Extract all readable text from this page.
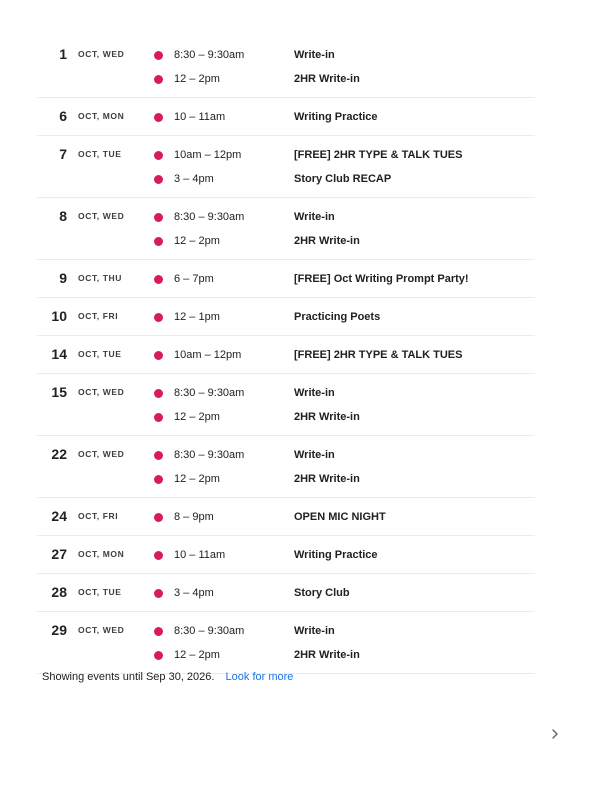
1	OCT, WED	8:30 – 9:30am	Write-in
12 – 2pm	2HR Write-in
6	OCT, MON	10 – 11am	Writing Practice
7	OCT, TUE	10am – 12pm	[FREE] 2HR TYPE & TALK TUES
3 – 4pm	Story Club RECAP
8	OCT, WED	8:30 – 9:30am	Write-in
12 – 2pm	2HR Write-in
9	OCT, THU	6 – 7pm	[FREE] Oct Writing Prompt Party!
10	OCT, FRI	12 – 1pm	Practicing Poets
14	OCT, TUE	10am – 12pm	[FREE] 2HR TYPE & TALK TUES
15	OCT, WED	8:30 – 9:30am	Write-in
12 – 2pm	2HR Write-in
22	OCT, WED	8:30 – 9:30am	Write-in
12 – 2pm	2HR Write-in
24	OCT, FRI	8 – 9pm	OPEN MIC NIGHT
27	OCT, MON	10 – 11am	Writing Practice
28	OCT, TUE	3 – 4pm	Story Club
29	OCT, WED	8:30 – 9:30am	Write-in
12 – 2pm	2HR Write-in
Showing events until Sep 30, 2026. Look for more
